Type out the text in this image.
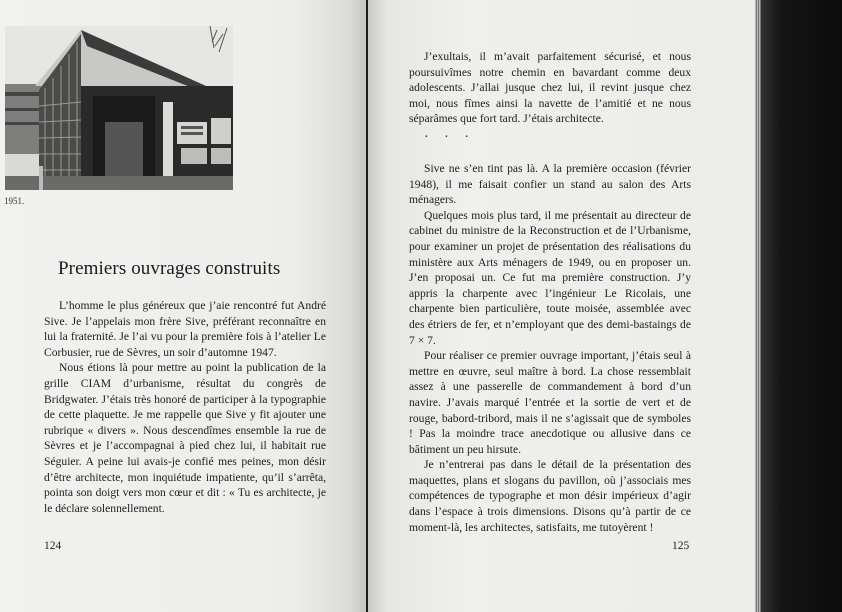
1951.
Premiers ouvrages construits

L’homme le plus généreux que j’aie rencontré fut André Sive. Je l’appelais mon frère Sive, préférant reconnaître en lui la fraternité. Je l’ai vu pour la première fois à l’atelier Le Corbusier, rue de Sèvres, un soir d’automne 1947.

Nous étions là pour mettre au point la publication de la grille CIAM d’urbanisme, résultat du congrès de Bridgwater. J’étais très honoré de participer à la typographie de cette plaquette. Je me rappelle que Sive y fit ajouter une rubrique « divers ». Nous descendîmes ensemble la rue de Sèvres et je l’accompagnai à pied chez lui, il habitait rue Séguier. A peine lui avais-je confié mes peines, mon désir d’être architecte, mon inquiétude impatiente, qu’il s’arrêta, pointa son doigt vers mon cœur et dit : « Tu es architecte, je le déclare solennellement.

124

J’exultais, il m’avait parfaitement sécurisé, et nous poursuivîmes notre chemin en bavardant comme deux adolescents. J’allai jusque chez lui, il revint jusque chez moi, nous fîmes ainsi la navette de l’amitié et ne nous séparâmes que fort tard. J’étais architecte.

· · ·

Sive ne s’en tint pas là. A la première occasion (février 1948), il me faisait confier un stand au salon des Arts ménagers.

Quelques mois plus tard, il me présentait au directeur de cabinet du ministre de la Reconstruction et de l’Urbanisme, pour examiner un projet de présentation des réalisations du ministère aux Arts ménagers de 1949, ou en proposer un. J’en proposai un. Ce fut ma première construction. J’y appris la charpente avec l’ingénieur Le Ricolais, une charpente bien particulière, toute moisée, assemblée avec des étriers de fer, et n’employant que des demi-bastaings de 7 × 7.

Pour réaliser ce premier ouvrage important, j’étais seul à mettre en œuvre, seul maître à bord. La chose ressemblait assez à une passerelle de commandement à bord d’un navire. J’avais marqué l’entrée et la sortie de vert et de rouge, babord-tribord, mais il ne s’agissait que de symboles ! Pas la moindre trace anecdotique ou allusive dans ce bâtiment un peu hirsute.

Je n’entrerai pas dans le détail de la présentation des maquettes, plans et slogans du pavillon, où j’associais mes compétences de typographe et mon désir impérieux d’agir dans l’espace à trois dimensions. Disons qu’à partir de ce moment-là, les architectes, satisfaits, me tutoyèrent !

125
